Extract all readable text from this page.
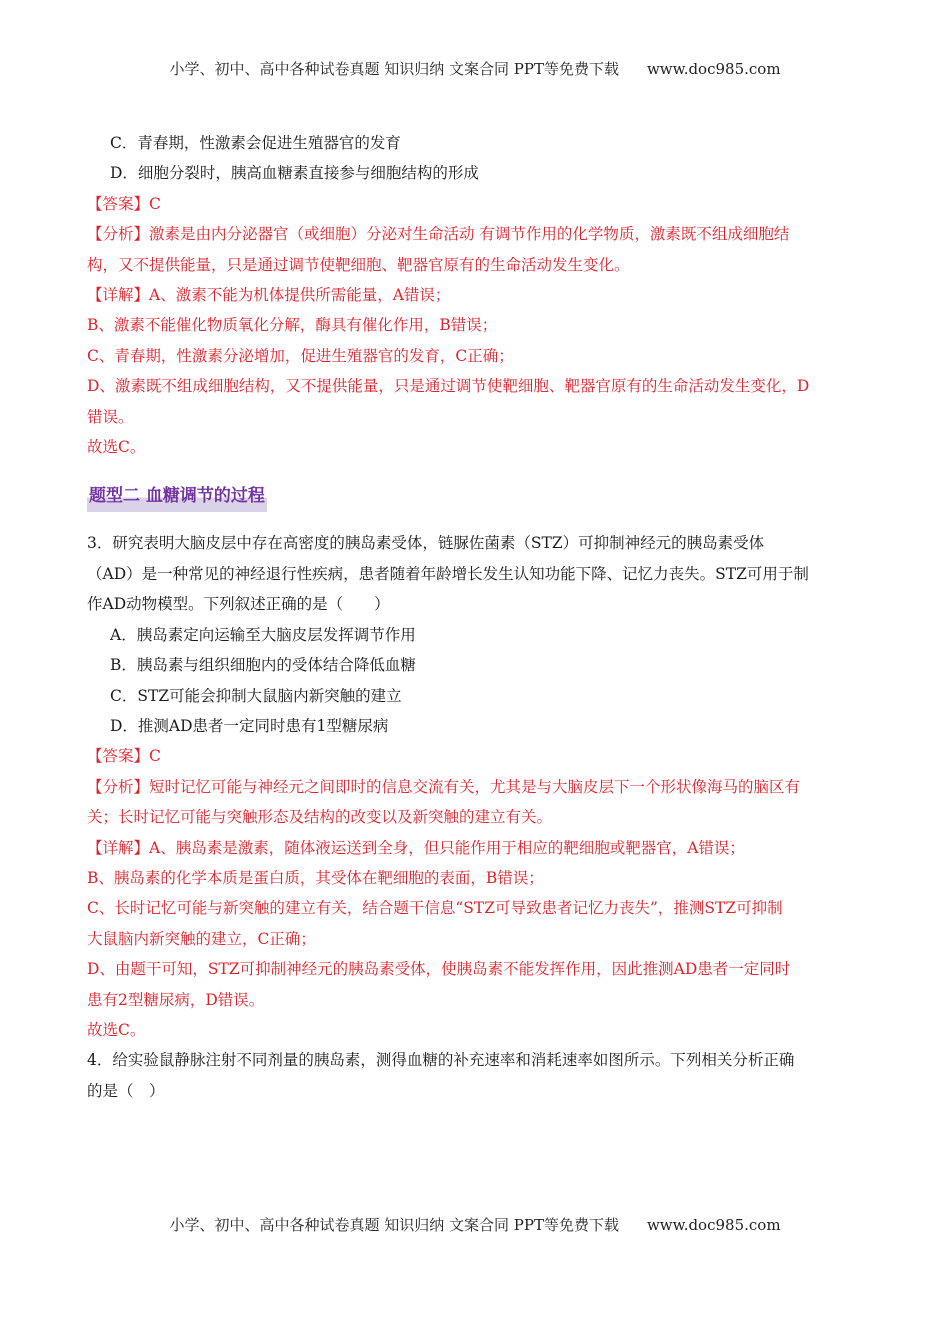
小学、初中、高中各种试卷真题 知识归纳 文案合同 PPT等免费下载 www.doc985.com

C．青春期，性激素会促进生殖器官的发育

D．细胞分裂时，胰高血糖素直接参与细胞结构的形成

【答案】C

【分析】激素是由内分泌器官（或细胞）分泌对生命活动 有调节作用的化学物质，激素既不组成细胞结

构，又不提供能量，只是通过调节使靶细胞、靶器官原有的生命活动发生变化。

【详解】A、激素不能为机体提供所需能量，A错误；

B、激素不能催化物质氧化分解，酶具有催化作用，B错误；

C、青春期，性激素分泌增加，促进生殖器官的发育，C正确；

D、激素既不组成细胞结构，又不提供能量，只是通过调节使靶细胞、靶器官原有的生命活动发生变化，D

错误。

故选C。

题型二 血糖调节的过程

3．研究表明大脑皮层中存在高密度的胰岛素受体，链脲佐菌素（STZ）可抑制神经元的胰岛素受体

（AD）是一种常见的神经退行性疾病，患者随着年龄增长发生认知功能下降、记忆力丧失。STZ可用于制

作AD动物模型。下列叙述正确的是（　　）

A．胰岛素定向运输至大脑皮层发挥调节作用

B．胰岛素与组织细胞内的受体结合降低血糖

C．STZ可能会抑制大鼠脑内新突触的建立

D．推测AD患者一定同时患有1型糖尿病

【答案】C

【分析】短时记忆可能与神经元之间即时的信息交流有关，尤其是与大脑皮层下一个形状像海马的脑区有

关；长时记忆可能与突触形态及结构的改变以及新突触的建立有关。

【详解】A、胰岛素是激素，随体液运送到全身，但只能作用于相应的靶细胞或靶器官，A错误；

B、胰岛素的化学本质是蛋白质，其受体在靶细胞的表面，B错误；

C、长时记忆可能与新突触的建立有关，结合题干信息“STZ可导致患者记忆力丧失”，推测STZ可抑制

大鼠脑内新突触的建立，C正确；

D、由题干可知，STZ可抑制神经元的胰岛素受体，使胰岛素不能发挥作用，因此推测AD患者一定同时

患有2型糖尿病，D错误。

故选C。

4．给实验鼠静脉注射不同剂量的胰岛素，测得血糖的补充速率和消耗速率如图所示。下列相关分析正确

的是（　）

小学、初中、高中各种试卷真题 知识归纳 文案合同 PPT等免费下载 www.doc985.com
